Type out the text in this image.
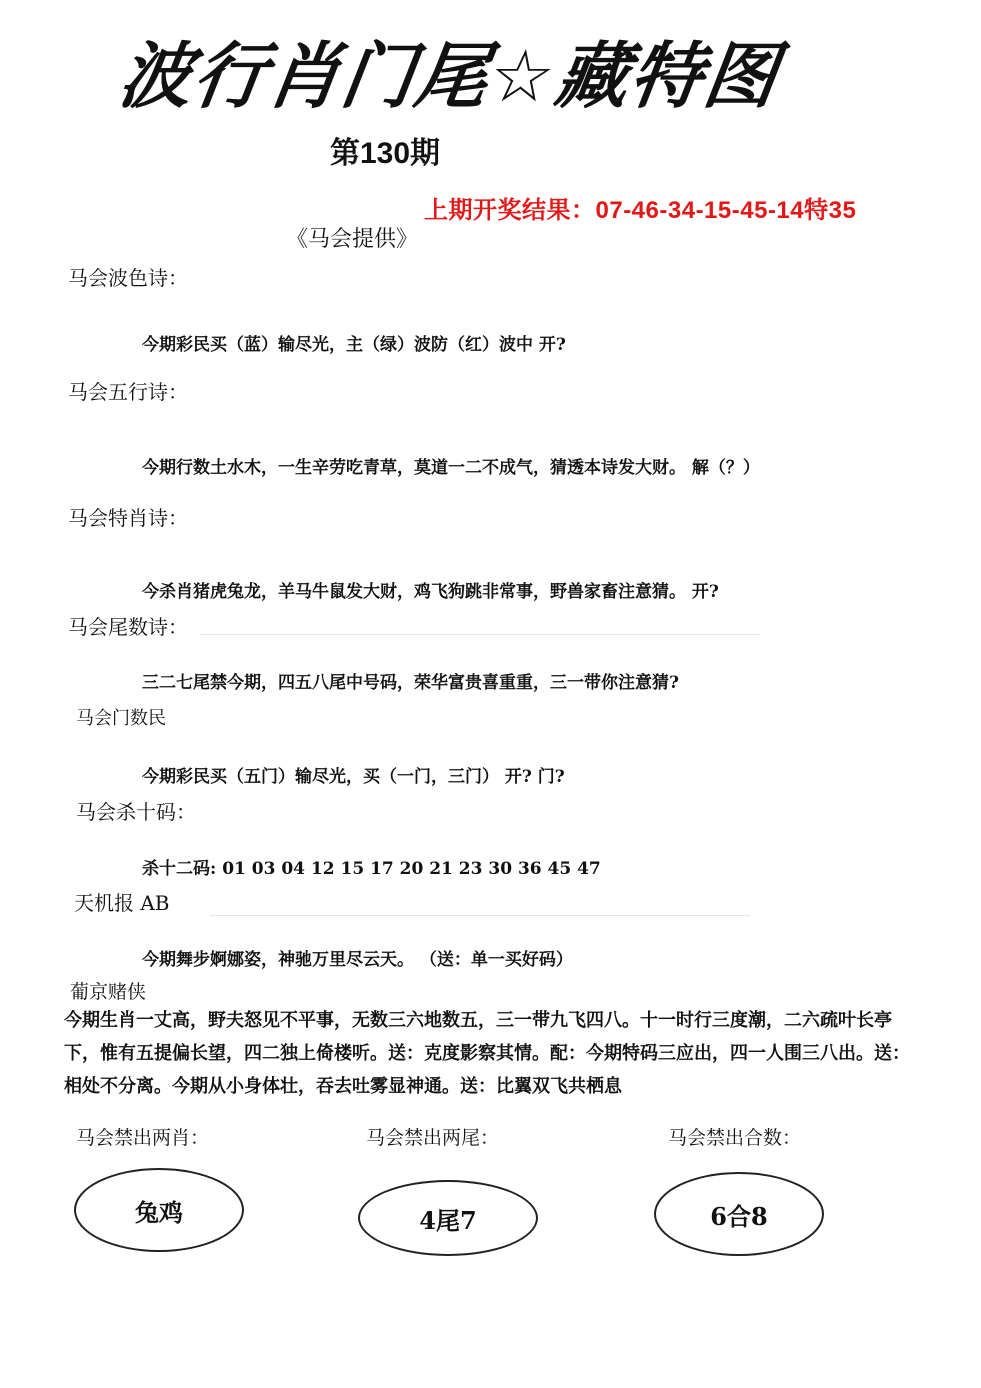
波行肖门尾☆藏特图
第130期
上期开奖结果：07-46-34-15-45-14特35
《马会提供》
马会波色诗：
今期彩民买（蓝）输尽光，主（绿）波防（红）波中 开?
马会五行诗：
今期行数土水木，一生辛劳吃青草，莫道一二不成气，猜透本诗发大财。 解（？）
马会特肖诗：
今杀肖猪虎兔龙，羊马牛鼠发大财，鸡飞狗跳非常事，野兽家畜注意猜。 开?
马会尾数诗：
三二七尾禁今期，四五八尾中号码，荣华富贵喜重重，三一带你注意猜?
马会门数民
今期彩民买（五门）输尽光，买（一门，三门） 开? 门?
马会杀十码：
杀十二码: 01 03 04 12 15 17 20 21 23 30 36 45 47
天机报 AB
今期舞步婀娜姿，神驰万里尽云天。 （送：单一买好码）
葡京赌侠
今期生肖一丈高，野夫怒见不平事，无数三六地数五，三一带九飞四八。十一时行三度潮，二六疏叶长亭下，惟有五提偏长望，四二独上倚楼听。送：克度影察其情。配：今期特码三应出，四一人围三八出。送：相处不分离。今期从小身体壮，吞去吐雾显神通。送：比翼双飞共栖息
马会禁出两肖：	马会禁出两尾：	马会禁出合数：
兔鸡	4尾7	6合8
